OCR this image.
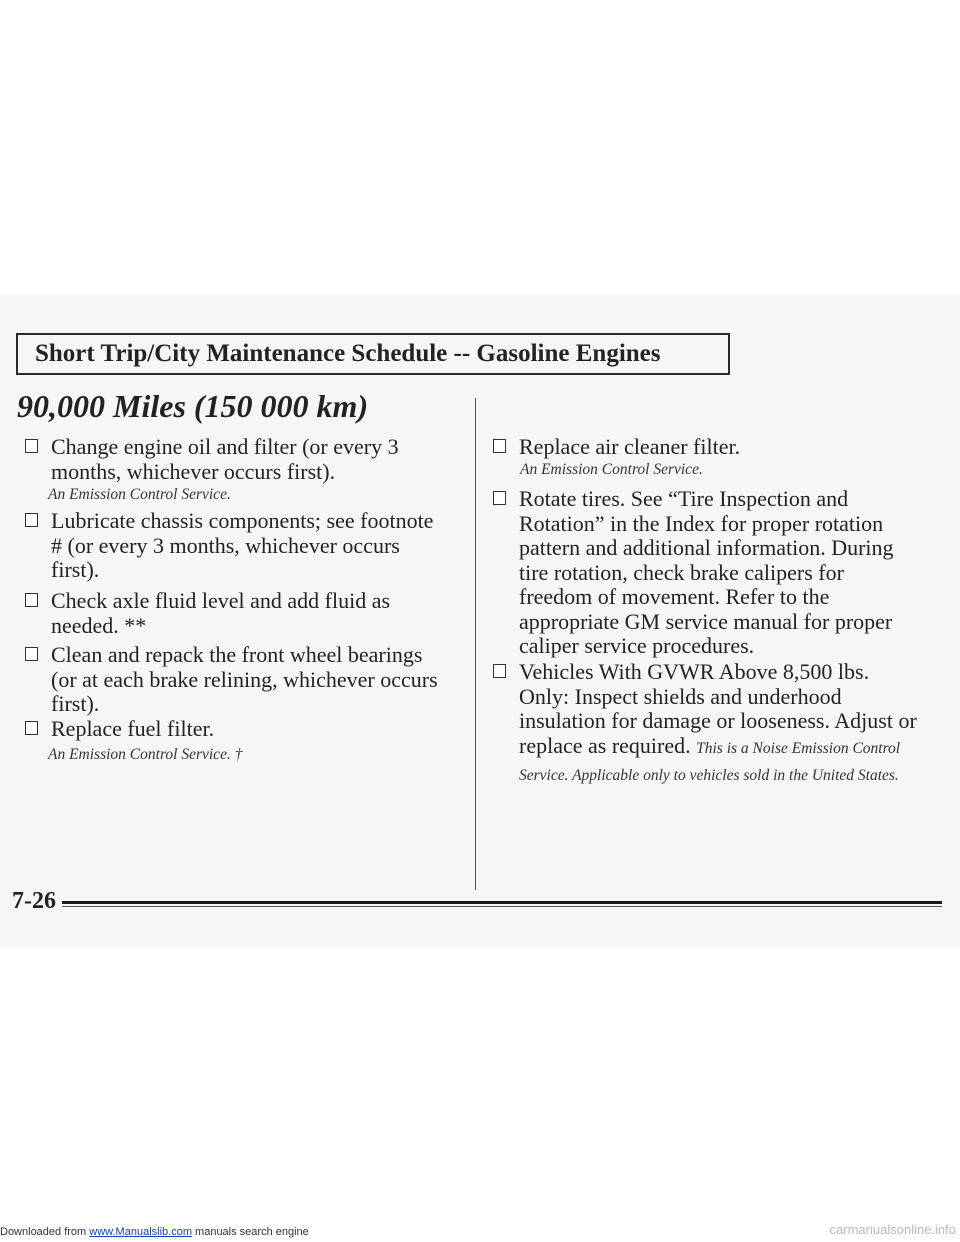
Short Trip/City Maintenance Schedule -- Gasoline Engines
90,000 Miles (150 000 km)
Change engine oil and filter (or every 3 months, whichever occurs first).
An Emission Control Service.
Lubricate chassis components; see footnote # (or every 3 months, whichever occurs first).
Check axle fluid level and add fluid as needed. **
Clean and repack the front wheel bearings (or at each brake relining, whichever occurs first).
Replace fuel filter.
An Emission Control Service. †
Replace air cleaner filter.
An Emission Control Service.
Rotate tires. See “Tire Inspection and Rotation” in the Index for proper rotation pattern and additional information. During tire rotation, check brake calipers for freedom of movement. Refer to the appropriate GM service manual for proper caliper service procedures.
Vehicles With GVWR Above 8,500 lbs. Only: Inspect shields and underhood insulation for damage or looseness. Adjust or replace as required. This is a Noise Emission Control Service. Applicable only to vehicles sold in the United States.
7-26
Downloaded from www.Manualslib.com manuals search engine	carmanualsonline.info
